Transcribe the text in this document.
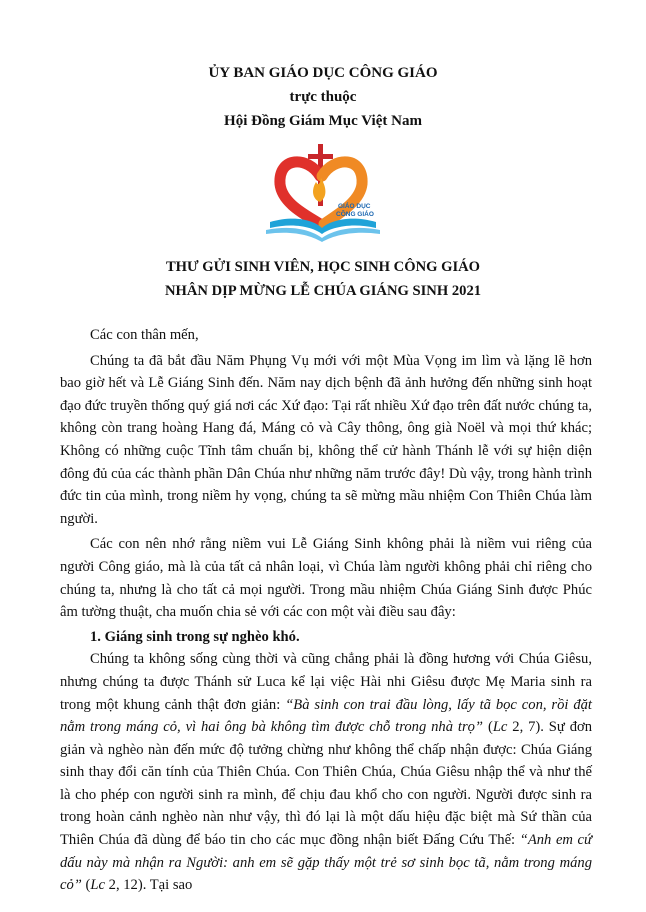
ỦY BAN GIÁO DỤC CÔNG GIÁO
trực thuộc
Hội Đồng Giám Mục Việt Nam
GIÁO DỤC
CÔNG GIÁO
THƯ GỬI SINH VIÊN, HỌC SINH CÔNG GIÁO
NHÂN DỊP MỪNG LỄ CHÚA GIÁNG SINH 2021

Các con thân mến,

Chúng ta đã bắt đầu Năm Phụng Vụ mới với một Mùa Vọng im lìm và lặng lẽ hơn bao giờ hết và Lễ Giáng Sinh đến. Năm nay dịch bệnh đã ảnh hưởng đến những sinh hoạt đạo đức truyền thống quý giá nơi các Xứ đạo: Tại rất nhiều Xứ đạo trên đất nước chúng ta, không còn trang hoàng Hang đá, Máng cỏ và Cây thông, ông già Noël và mọi thứ khác; Không có những cuộc Tĩnh tâm chuẩn bị, không thể cử hành Thánh lễ với sự hiện diện đông đủ của các thành phần Dân Chúa như những năm trước đây! Dù vậy, trong hành trình đức tin của mình, trong niềm hy vọng, chúng ta sẽ mừng mầu nhiệm Con Thiên Chúa làm người.

Các con nên nhớ rằng niềm vui Lễ Giáng Sinh không phải là niềm vui riêng của người Công giáo, mà là của tất cả nhân loại, vì Chúa làm người không phải chỉ riêng cho chúng ta, nhưng là cho tất cả mọi người. Trong mầu nhiệm Chúa Giáng Sinh được Phúc âm tường thuật, cha muốn chia sẻ với các con một vài điều sau đây:

1. Giáng sinh trong sự nghèo khó.

Chúng ta không sống cùng thời và cũng chẳng phải là đồng hương với Chúa Giêsu, nhưng chúng ta được Thánh sử Luca kể lại việc Hài nhi Giêsu được Mẹ Maria sinh ra trong một khung cảnh thật đơn giản: “Bà sinh con trai đầu lòng, lấy tã bọc con, rồi đặt nằm trong máng cỏ, vì hai ông bà không tìm được chỗ trong nhà trọ” (Lc 2, 7). Sự đơn giản và nghèo nàn đến mức độ tưởng chừng như không thể chấp nhận được: Chúa Giáng sinh thay đổi căn tính của Thiên Chúa. Con Thiên Chúa, Chúa Giêsu nhập thể và như thế là cho phép con người sinh ra mình, để chịu đau khổ cho con người. Người được sinh ra trong hoàn cảnh nghèo nàn như vậy, thì đó lại là một dấu hiệu đặc biệt mà Sứ thần của Thiên Chúa đã dùng để báo tin cho các mục đồng nhận biết Đấng Cứu Thế: “Anh em cứ dấu này mà nhận ra Người: anh em sẽ gặp thấy một trẻ sơ sinh bọc tã, nằm trong máng cỏ” (Lc 2, 12). Tại sao
